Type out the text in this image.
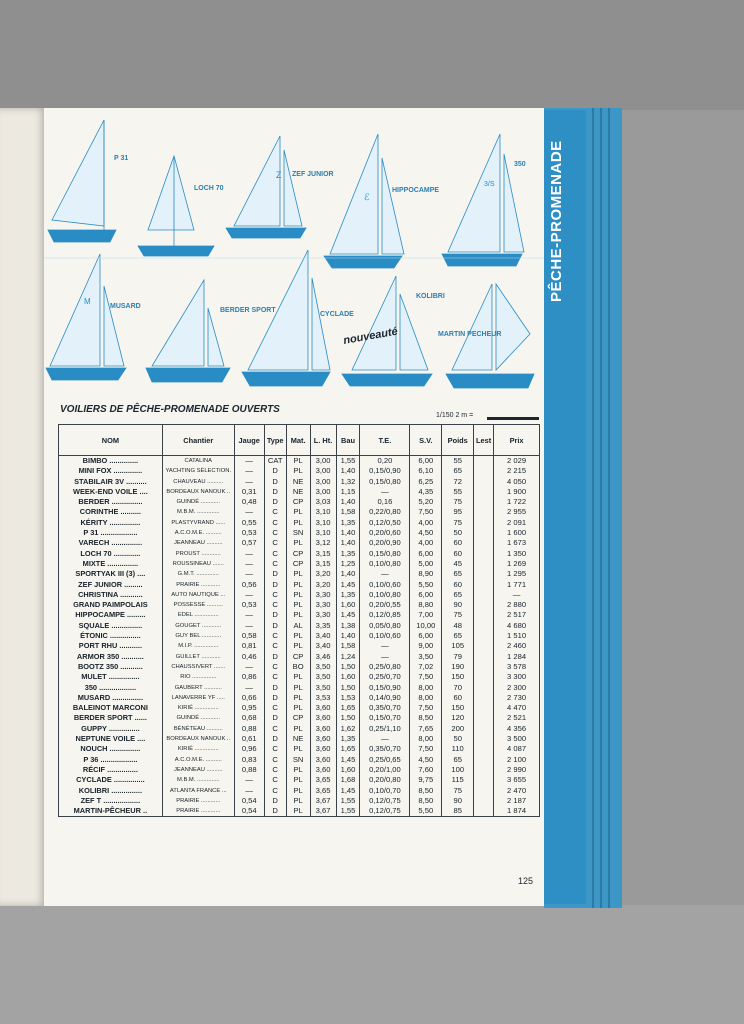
PÊCHE-PROMENADE
P 31
LOCH 70
ZEF JUNIOR
HIPPOCAMPE
350
MUSARD
BERDER SPORT
CYCLADE
KOLIBRI
MARTIN PECHEUR
nouveauté
Z
ℰ
3/S
M
VOILIERS DE PÊCHE-PROMENADE OUVERTS
1/150 2 m =
NOM	Chantier	Jauge	Type	Mat.	L. Ht.	Bau	T.E.	S.V.	Poids	Lest	Prix
BIMBO ..............	CATALINA	—	CAT	PL	3,00	1,55	0,20	6,00	55		2 029
MINI FOX ..............	YACHTING SÉLECTION.	—	D	PL	3,00	1,40	0,15/0,90	6,10	65		2 215
STABILAIR 3V ..........	CHAUVEAU ..........	—	D	NE	3,00	1,32	0,15/0,80	6,25	72		4 050
WEEK-END VOILE ....	BORDEAUX NANOUK ..	0,31	D	NE	3,00	1,15	—	4,35	55		1 900
BERDER ...............	GUINDÉ ............	0,48	D	CP	3,03	1,40	0,16	5,20	75		1 722
CORINTHE ..........	M.B.M. ..............	—	C	PL	3,10	1,58	0,22/0,80	7,50	95		2 955
KÉRITY ...............	PLASTYVRAND ......	0,55	C	PL	3,10	1,35	0,12/0,50	4,00	75		2 091
P 31 ..................	A.C.O.M.E. ..........	0,53	C	SN	3,10	1,40	0,20/0,60	4,50	50		1 600
VARECH ...............	JEANNEAU ..........	0,57	C	PL	3,12	1,40	0,20/0,90	4,00	60		1 673
LOCH 70 .............	PROUST ............	—	C	CP	3,15	1,35	0,15/0,80	6,00	60		1 350
MIXTE ...............	ROUSSINEAU .......	—	C	CP	3,15	1,25	0,10/0,80	5,00	45		1 269
SPORTYAK III (3) ....	G.M.T. ..............	—	D	PL	3,20	1,40	—	8,90	65		1 295
ZEF JUNIOR .........	PRAIRIE ............	0,56	D	PL	3,20	1,45	0,10/0,60	5,50	60		1 771
CHRISTINA ...........	AUTO NAUTIQUE ...	—	C	PL	3,30	1,35	0,10/0,80	6,00	65		—
GRAND PAIMPOLAIS	POSSESSE ..........	0,53	C	PL	3,30	1,60	0,20/0,55	8,80	90		2 880
HIPPOCAMPE .........	EDEL ...............	—	D	PL	3,30	1,45	0,12/0,85	7,00	75		2 517
SQUALE ...............	GOUGET ............	—	D	AL	3,35	1,38	0,05/0,80	10,00	48		4 680
ÉTONIC ...............	GUY BEL ............	0,58	C	PL	3,40	1,40	0,10/0,60	6,00	65		1 510
PORT RHU ...........	M.I.P. ...............	0,81	C	PL	3,40	1,58	—	9,00	105		2 460
ARMOR 350 ...........	GUILLET ............	0,46	D	CP	3,46	1,24	—	3,50	79		1 284
BOOTZ 350 ...........	CHAUSSIVERT .......	—	C	BO	3,50	1,50	0,25/0,80	7,02	190		3 578
MULET ...............	RIO ...............	0,86	C	PL	3,50	1,60	0,25/0,70	7,50	150		3 300
350 ..................	GAUBERT ...........	—	D	PL	3,50	1,50	0,15/0,90	8,00	70		2 300
MUSARD ...............	LANAVERRE YF .....	0,66	D	PL	3,53	1,53	0,14/0,90	8,00	60		2 730
BALEINOT MARCONI	KIRIÉ ...............	0,95	C	PL	3,60	1,65	0,35/0,70	7,50	150		4 470
BERDER SPORT ......	GUINDÉ ............	0,68	D	CP	3,60	1,50	0,15/0,70	8,50	120		2 521
GUPPY ...............	BÉNÉTEAU ..........	0,88	C	PL	3,60	1,62	0,25/1,10	7,65	200		4 356
NEPTUNE VOILE ....	BORDEAUX NANOUK ..	0,61	D	NE	3,60	1,35	—	8,00	50		3 500
NOUCH ...............	KIRIÉ ...............	0,96	C	PL	3,60	1,65	0,35/0,70	7,50	110		4 087
P 36 ..................	A.C.O.M.E. ..........	0,83	C	SN	3,60	1,45	0,25/0,65	4,50	65		2 100
RÉCIF ...............	JEANNEAU ..........	0,88	C	PL	3,60	1,60	0,20/1,00	7,60	100		2 990
CYCLADE ...............	M.B.M. ..............	—	C	PL	3,65	1,68	0,20/0,80	9,75	115		3 655
KOLIBRI ...............	ATLANTA FRANCE ...	—	C	PL	3,65	1,45	0,10/0,70	8,50	75		2 470
ZEF T ..................	PRAIRIE ............	0,54	D	PL	3,67	1,55	0,12/0,75	8,50	90		2 187
MARTIN-PÊCHEUR ..	PRAIRIE ............	0,54	D	PL	3,67	1,55	0,12/0,75	5,50	85		1 874
125
